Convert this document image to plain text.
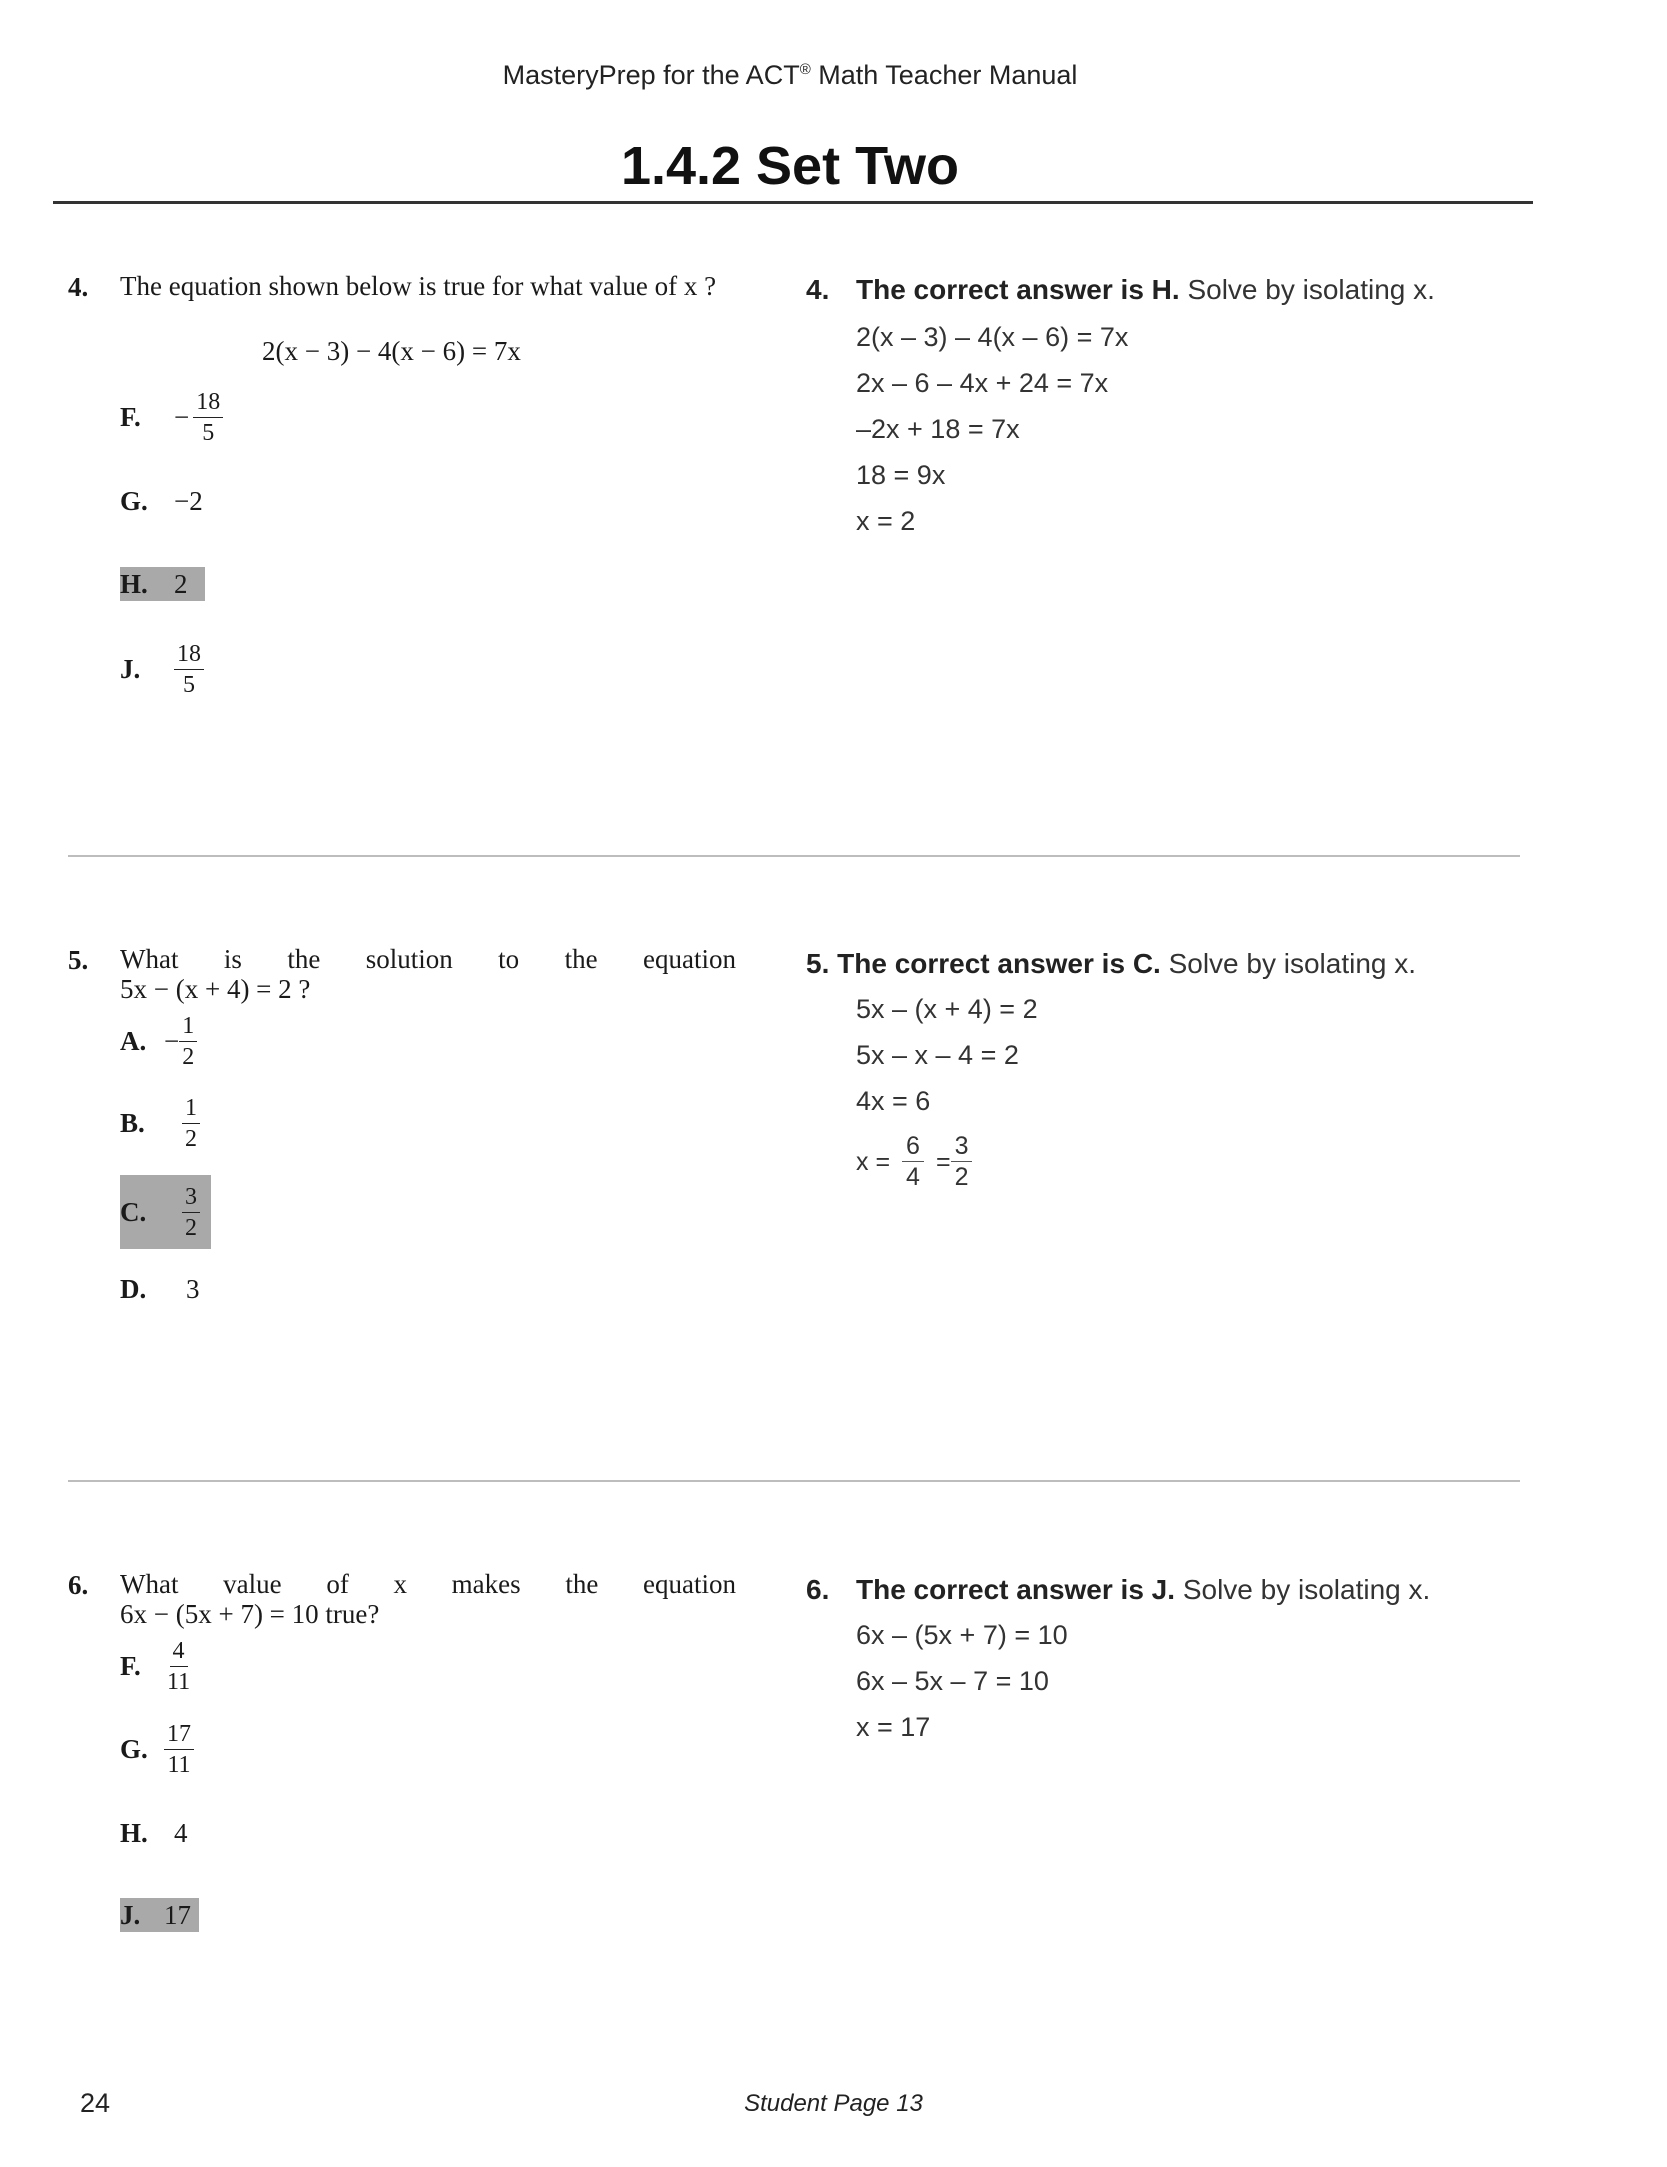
MasteryPrep for the ACT® Math Teacher Manual
1.4.2 Set Two
4. The equation shown below is true for what value of x ?
2(x − 3) − 4(x − 6) = 7x
F.	− $\frac{18}{5}$
G. −2
H. 2
J.	$\frac{18}{5}$
4. The correct answer is H. Solve by isolating x.
2(x – 3) – 4(x – 6) = 7x
2x – 6 – 4x + 24 = 7x
–2x + 18 = 7x
18 = 9x
x = 2
5. What is the solution to the equation
5x − (x + 4) = 2 ?
A. − $\frac{1}{2}$
B.	$\frac{1}{2}$
C.	$\frac{3}{2}$
D.	3
5. The correct answer is C. Solve by isolating x.
5x – (x + 4) = 2
5x – x – 4 = 2
4x = 6
$x = \frac{6}{4} = \frac{3}{2}$
6. What value of x makes the equation
6x − (5x + 7) = 10 true?
F. $\frac{4}{11}$
G. $\frac{17}{11}$
H. 4
J. 17
6. The correct answer is J. Solve by isolating x.
6x – (5x + 7) = 10
6x – 5x – 7 = 10
x = 17
24	Student Page 13
